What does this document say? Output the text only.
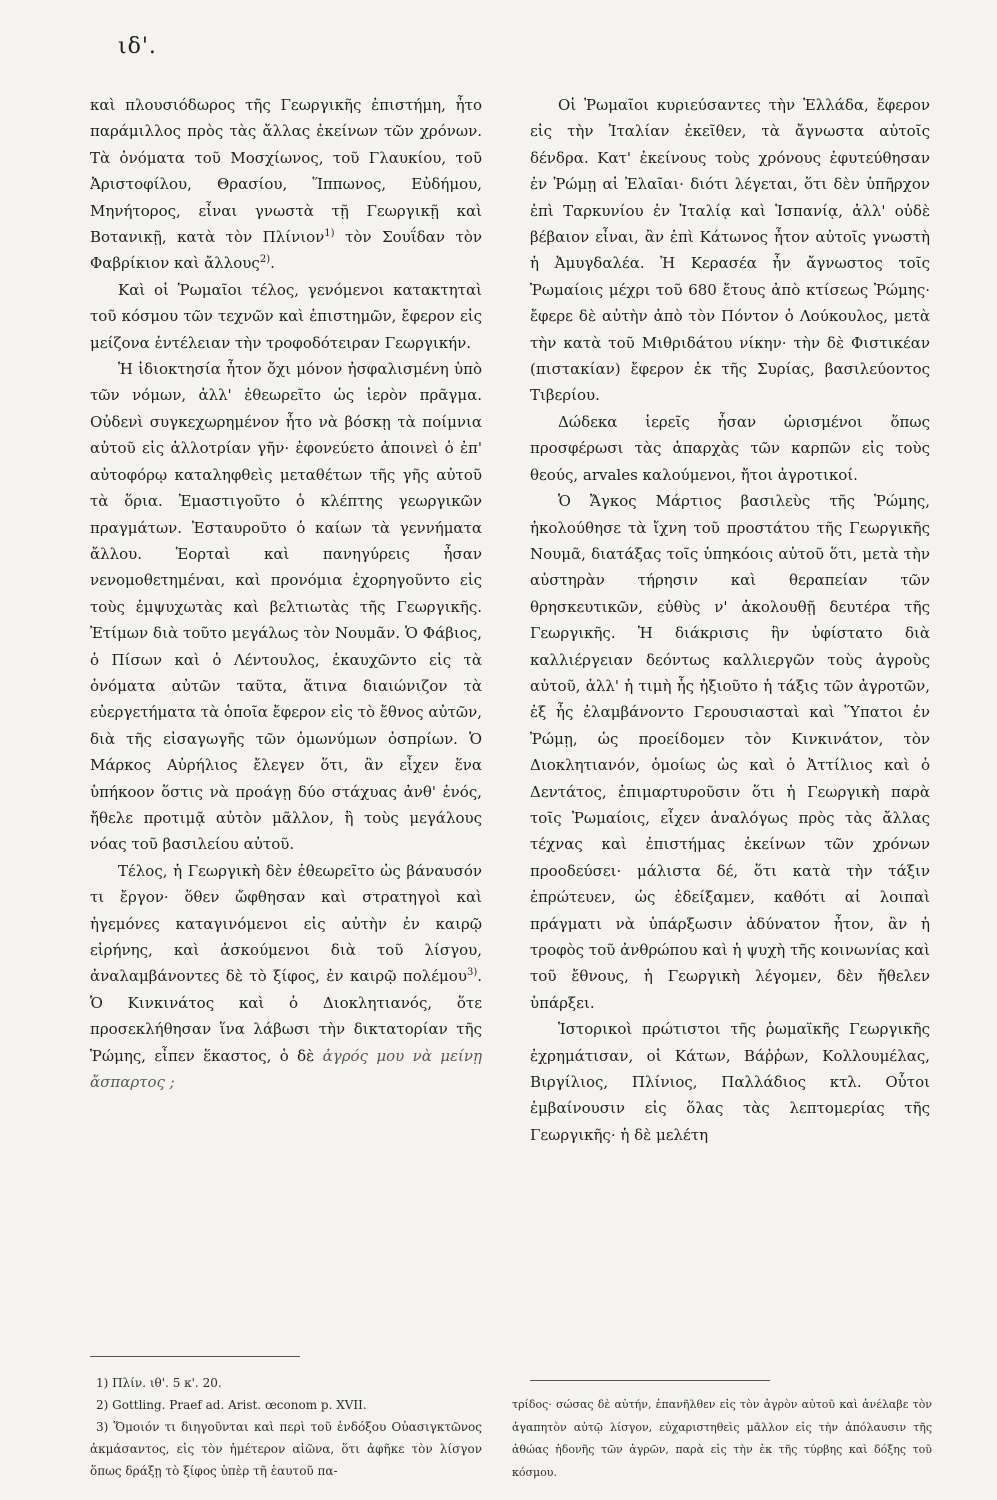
ιδ'.

καὶ πλουσιόδωρος τῆς Γεωργικῆς ἐπιστήμη, ἦτο παράμιλλος πρὸς τὰς ἄλλας ἐκείνων τῶν χρόνων. Τὰ ὀνόματα τοῦ Μοσχίωνος, τοῦ Γλαυκίου, τοῦ Ἀριστοφίλου, Θρασίου, Ἵππωνος, Εὐδήμου, Μηνήτορος, εἶναι γνωστὰ τῇ Γεωργικῇ καὶ Βοτανικῇ, κατὰ τὸν Πλίνιον$^{1)}$ τὸν Σουΐδαν τὸν Φαβρίκιον καὶ ἄλλους$^{2)}$.

Καὶ οἱ Ῥωμαῖοι τέλος, γενόμενοι κατακτηταὶ τοῦ κόσμου τῶν τεχνῶν καὶ ἐπιστημῶν, ἔφερον εἰς μείζονα ἐντέλειαν τὴν τροφοδότειραν Γεωργικήν.

Ἡ ἰδιοκτησία ἦτον ὄχι μόνον ἠσφαλισμένη ὑπὸ τῶν νόμων, ἀλλ' ἐθεωρεῖτο ὡς ἱερὸν πρᾶγμα. Οὐδενὶ συγκεχωρημένον ἦτο νὰ βόσκῃ τὰ ποίμνια αὐτοῦ εἰς ἀλλοτρίαν γῆν· ἐφονεύετο ἀποινεὶ ὁ ἐπ' αὐτοφόρῳ καταληφθεὶς μεταθέτων τῆς γῆς αὐτοῦ τὰ ὅρια. Ἐμαστιγοῦτο ὁ κλέπτης γεωργικῶν πραγμάτων. Ἐσταυροῦτο ὁ καίων τὰ γεννήματα ἄλλου. Ἑορταὶ καὶ πανηγύρεις ἦσαν νενομοθετημέναι, καὶ προνόμια ἐχορηγοῦντο εἰς τοὺς ἐμψυχωτὰς καὶ βελτιωτὰς τῆς Γεωργικῆς. Ἐτίμων διὰ τοῦτο μεγάλως τὸν Νουμᾶν. Ὁ Φάβιος, ὁ Πίσων καὶ ὁ Λέντουλος, ἐκαυχῶντο εἰς τὰ ὀνόματα αὐτῶν ταῦτα, ἅτινα διαιώνιζον τὰ εὐεργετήματα τὰ ὁποῖα ἔφερον εἰς τὸ ἔθνος αὐτῶν, διὰ τῆς εἰσαγωγῆς τῶν ὁμωνύμων ὀσπρίων. Ὁ Μάρκος Αὐρήλιος ἔλεγεν ὅτι, ἂν εἶχεν ἕνα ὑπήκοον ὅστις νὰ προάγῃ δύο στάχυας ἀνθ' ἑνός, ἤθελε προτιμᾷ αὐτὸν μᾶλλον, ἢ τοὺς μεγάλους νόας τοῦ βασιλείου αὐτοῦ.

Τέλος, ἡ Γεωργικὴ δὲν ἐθεωρεῖτο ὡς βάναυσόν τι ἔργον· ὅθεν ὤφθησαν καὶ στρατηγοὶ καὶ ἡγεμόνες καταγινόμενοι εἰς αὐτὴν ἐν καιρῷ εἰρήνης, καὶ ἀσκούμενοι διὰ τοῦ λίσγου, ἀναλαμβάνοντες δὲ τὸ ξίφος, ἐν καιρῷ πολέμου$^{3)}$. Ὁ Κινκινάτος καὶ ὁ Διοκλητιανός, ὅτε προσεκλήθησαν ἵνα λάβωσι τὴν δικτατορίαν τῆς Ῥώμης, εἶπεν ἕκαστος, ὁ δὲ ἀγρός μου νὰ μείνῃ ἄσπαρτος ;

Οἱ Ῥωμαῖοι κυριεύσαντες τὴν Ἑλλάδα, ἔφερον εἰς τὴν Ἰταλίαν ἐκεῖθεν, τὰ ἄγνωστα αὐτοῖς δένδρα. Κατ' ἐκείνους τοὺς χρόνους ἐφυτεύθησαν ἐν Ῥώμῃ αἱ Ἐλαῖαι· διότι λέγεται, ὅτι δὲν ὑπῆρχον ἐπὶ Ταρκυνίου ἐν Ἰταλίᾳ καὶ Ἱσπανίᾳ, ἀλλ' οὐδὲ βέβαιον εἶναι, ἂν ἐπὶ Κάτωνος ἦτον αὐτοῖς γνωστὴ ἡ Ἀμυγδαλέα. Ἡ Κερασέα ἦν ἄγνωστος τοῖς Ῥωμαίοις μέχρι τοῦ 680 ἔτους ἀπὸ κτίσεως Ῥώμης· ἔφερε δὲ αὐτὴν ἀπὸ τὸν Πόντον ὁ Λούκουλος, μετὰ τὴν κατὰ τοῦ Μιθριδάτου νίκην· τὴν δὲ Φιστικέαν (πιστακίαν) ἔφερον ἐκ τῆς Συρίας, βασιλεύοντος Τιβερίου.

Δώδεκα ἱερεῖς ἦσαν ὡρισμένοι ὅπως προσφέρωσι τὰς ἀπαρχὰς τῶν καρπῶν εἰς τοὺς θεούς, arvales καλούμενοι, ἤτοι ἀγροτικοί.

Ὁ Ἄγκος Μάρτιος βασιλεὺς τῆς Ῥώμης, ἠκολούθησε τὰ ἴχνη τοῦ προστάτου τῆς Γεωργικῆς Νουμᾶ, διατάξας τοῖς ὑπηκόοις αὐτοῦ ὅτι, μετὰ τὴν αὐστηρὰν τήρησιν καὶ θεραπείαν τῶν θρησκευτικῶν, εὐθὺς ν' ἀκολουθῇ δευτέρα τῆς Γεωργικῆς. Ἡ διάκρισις ἣν ὑφίστατο διὰ καλλιέργειαν δεόντως καλλιεργῶν τοὺς ἀγροὺς αὐτοῦ, ἀλλ' ἡ τιμὴ ἧς ἠξιοῦτο ἡ τάξις τῶν ἀγροτῶν, ἐξ ἧς ἐλαμβάνοντο Γερουσιασταὶ καὶ Ὕπατοι ἐν Ῥώμῃ, ὡς προείδομεν τὸν Κινκινάτον, τὸν Διοκλητιανόν, ὁμοίως ὡς καὶ ὁ Ἀττίλιος καὶ ὁ Δεντάτος, ἐπιμαρτυροῦσιν ὅτι ἡ Γεωργικὴ παρὰ τοῖς Ῥωμαίοις, εἶχεν ἀναλόγως πρὸς τὰς ἄλλας τέχνας καὶ ἐπιστήμας ἐκείνων τῶν χρόνων προοδεύσει· μάλιστα δέ, ὅτι κατὰ τὴν τάξιν ἐπρώτευεν, ὡς ἐδείξαμεν, καθότι αἱ λοιπαὶ πράγματι νὰ ὑπάρξωσιν ἀδύνατον ἦτον, ἂν ἡ τροφὸς τοῦ ἀνθρώπου καὶ ἡ ψυχὴ τῆς κοινωνίας καὶ τοῦ ἔθνους, ἡ Γεωργικὴ λέγομεν, δὲν ἤθελεν ὑπάρξει.

Ἱστορικοὶ πρώτιστοι τῆς ῥωμαϊκῆς Γεωργικῆς ἐχρημάτισαν, οἱ Κάτων, Βάῤῥων, Κολλουμέλας, Βιργίλιος, Πλίνιος, Παλλάδιος κτλ. Οὗτοι ἐμβαίνουσιν εἰς ὅλας τὰς λεπτομερίας τῆς Γεωργικῆς· ἡ δὲ μελέτη

1) Πλίν. ιθ'. 5 κ'. 20.

2) Gottling. Praef ad. Arist. œconom p. XVII.

3) Ὅμοιόν τι διηγοῦνται καὶ περὶ τοῦ ἐνδόξου Οὐασιγκτῶνος ἀκμάσαντος, εἰς τὸν ἡμέτερον αἰῶνα, ὅτι ἀφῆκε τὸν λίσγον ὅπως δράξῃ τὸ ξίφος ὑπὲρ τῆ ἑαυτοῦ πα-

τρίδος· σώσας δὲ αὐτήν, ἐπανῆλθεν εἰς τὸν ἀγρὸν αὐτοῦ καὶ ἀνέλαβε τὸν ἀγαπητὸν αὐτῷ λίσγον, εὐχαριστηθεὶς μᾶλλον εἰς τὴν ἀπόλαυσιν τῆς ἀθώας ἡδονῆς τῶν ἀγρῶν, παρὰ εἰς τὴν ἐκ τῆς τύρβης καὶ δόξης τοῦ κόσμου.
